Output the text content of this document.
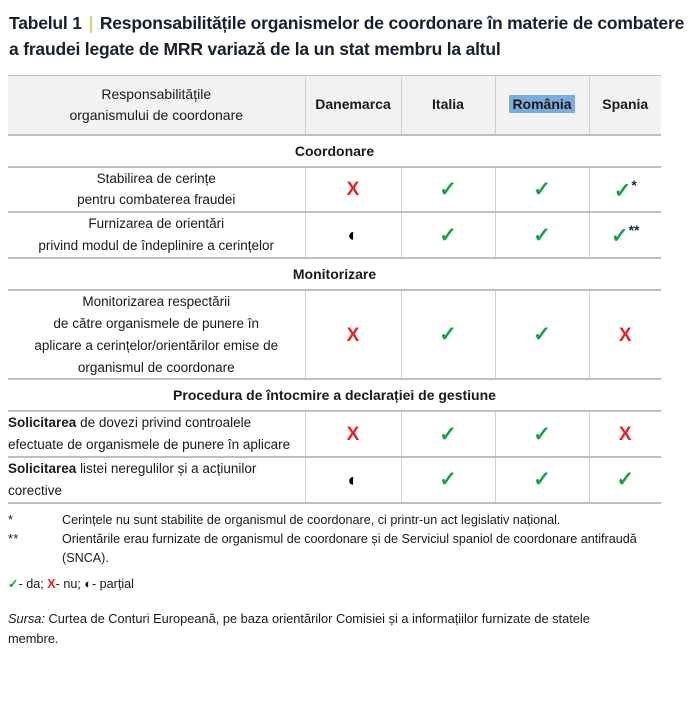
Tabelul 1 | Responsabilitățile organismelor de coordonare în materie de combatere a fraudei legate de MRR variază de la un stat membru la altul
Responsabilitățile
organismului de coordonare	Danemarca	Italia	România	Spania
Coordonare				

Stabilirea de cerințe
pentru combaterea fraudei	X	✓	✓	✓*

Furnizarea de orientări
privind modul de îndeplinire a cerințelor	◐	✓	✓	✓**
Monitorizare				

Monitorizarea respectării
de către organismele de punere în
aplicare a cerințelor/orientărilor emise de
organismul de coordonare	X	✓	✓	X
Procedura de întocmire a declarației de gestiune				
Solicitarea de dovezi privind controalele efectuate de organismele de punere în aplicare	X	✓	✓	X
Solicitarea listei neregulilor și a acțiunilor corective	◐	✓	✓	✓
*	Cerințele nu sunt stabilite de organismul de coordonare, ci printr-un act legislativ național.
**	Orientările erau furnizate de organismul de coordonare și de Serviciul spaniol de coordonare antifraudă (SNCA).
✓- da; X- nu; ◐- parțial
Sursa: Curtea de Conturi Europeană, pe baza orientărilor Comisiei și a informațiilor furnizate de statele membre.
